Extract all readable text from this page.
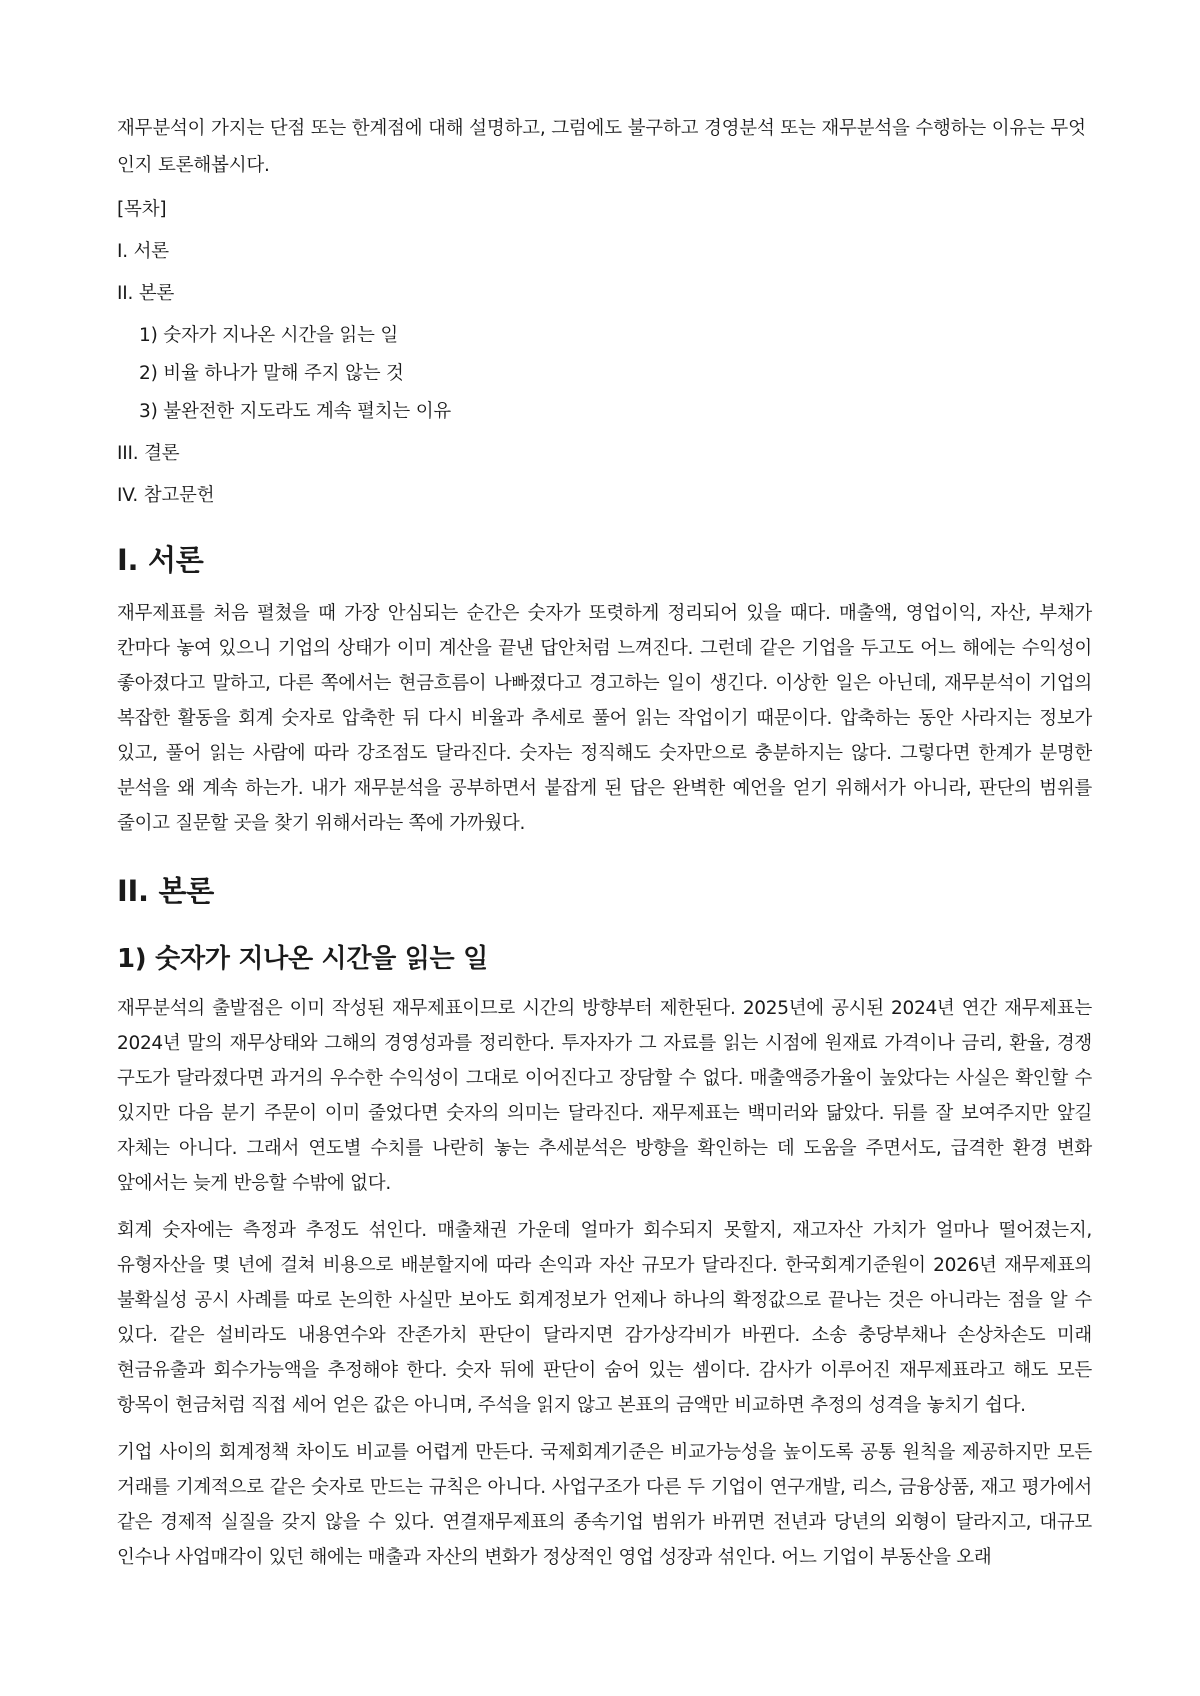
재무분석이 가지는 단점 또는 한계점에 대해 설명하고, 그럼에도 불구하고 경영분석 또는 재무분석을 수행하는 이유는 무엇인지 토론해봅시다.

[목차]
I. 서론
II. 본론
1) 숫자가 지나온 시간을 읽는 일
2) 비율 하나가 말해 주지 않는 것
3) 불완전한 지도라도 계속 펼치는 이유
III. 결론
IV. 참고문헌
I. 서론

재무제표를 처음 펼쳤을 때 가장 안심되는 순간은 숫자가 또렷하게 정리되어 있을 때다. 매출액, 영업이익, 자산, 부채가 칸마다 놓여 있으니 기업의 상태가 이미 계산을 끝낸 답안처럼 느껴진다. 그런데 같은 기업을 두고도 어느 해에는 수익성이 좋아졌다고 말하고, 다른 쪽에서는 현금흐름이 나빠졌다고 경고하는 일이 생긴다. 이상한 일은 아닌데, 재무분석이 기업의 복잡한 활동을 회계 숫자로 압축한 뒤 다시 비율과 추세로 풀어 읽는 작업이기 때문이다. 압축하는 동안 사라지는 정보가 있고, 풀어 읽는 사람에 따라 강조점도 달라진다. 숫자는 정직해도 숫자만으로 충분하지는 않다. 그렇다면 한계가 분명한 분석을 왜 계속 하는가. 내가 재무분석을 공부하면서 붙잡게 된 답은 완벽한 예언을 얻기 위해서가 아니라, 판단의 범위를 줄이고 질문할 곳을 찾기 위해서라는 쪽에 가까웠다.

II. 본론
1) 숫자가 지나온 시간을 읽는 일

재무분석의 출발점은 이미 작성된 재무제표이므로 시간의 방향부터 제한된다. 2025년에 공시된 2024년 연간 재무제표는 2024년 말의 재무상태와 그해의 경영성과를 정리한다. 투자자가 그 자료를 읽는 시점에 원재료 가격이나 금리, 환율, 경쟁 구도가 달라졌다면 과거의 우수한 수익성이 그대로 이어진다고 장담할 수 없다. 매출액증가율이 높았다는 사실은 확인할 수 있지만 다음 분기 주문이 이미 줄었다면 숫자의 의미는 달라진다. 재무제표는 백미러와 닮았다. 뒤를 잘 보여주지만 앞길 자체는 아니다. 그래서 연도별 수치를 나란히 놓는 추세분석은 방향을 확인하는 데 도움을 주면서도, 급격한 환경 변화 앞에서는 늦게 반응할 수밖에 없다.

회계 숫자에는 측정과 추정도 섞인다. 매출채권 가운데 얼마가 회수되지 못할지, 재고자산 가치가 얼마나 떨어졌는지, 유형자산을 몇 년에 걸쳐 비용으로 배분할지에 따라 손익과 자산 규모가 달라진다. 한국회계기준원이 2026년 재무제표의 불확실성 공시 사례를 따로 논의한 사실만 보아도 회계정보가 언제나 하나의 확정값으로 끝나는 것은 아니라는 점을 알 수 있다. 같은 설비라도 내용연수와 잔존가치 판단이 달라지면 감가상각비가 바뀐다. 소송 충당부채나 손상차손도 미래 현금유출과 회수가능액을 추정해야 한다. 숫자 뒤에 판단이 숨어 있는 셈이다. 감사가 이루어진 재무제표라고 해도 모든 항목이 현금처럼 직접 세어 얻은 값은 아니며, 주석을 읽지 않고 본표의 금액만 비교하면 추정의 성격을 놓치기 쉽다.

기업 사이의 회계정책 차이도 비교를 어렵게 만든다. 국제회계기준은 비교가능성을 높이도록 공통 원칙을 제공하지만 모든 거래를 기계적으로 같은 숫자로 만드는 규칙은 아니다. 사업구조가 다른 두 기업이 연구개발, 리스, 금융상품, 재고 평가에서 같은 경제적 실질을 갖지 않을 수 있다. 연결재무제표의 종속기업 범위가 바뀌면 전년과 당년의 외형이 달라지고, 대규모 인수나 사업매각이 있던 해에는 매출과 자산의 변화가 정상적인 영업 성장과 섞인다. 어느 기업이 부동산을 오래
